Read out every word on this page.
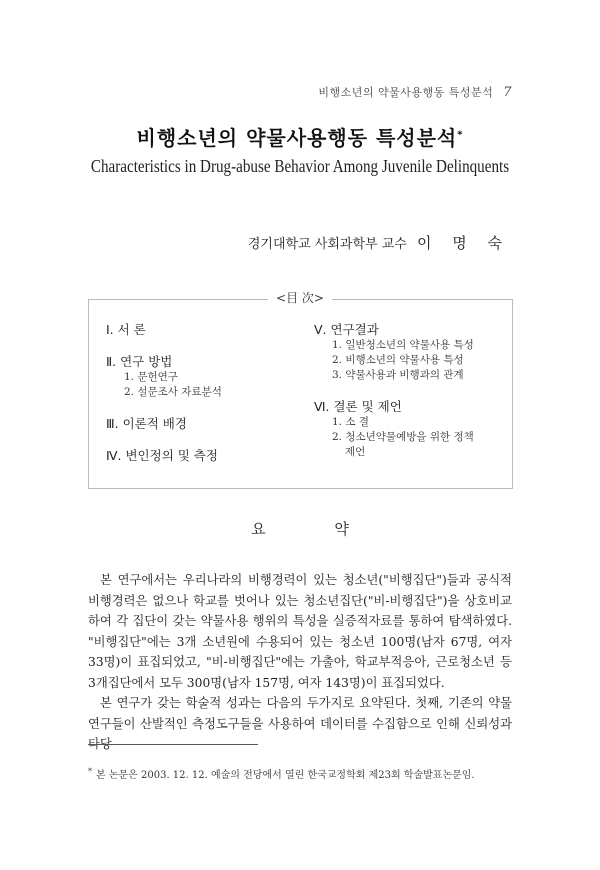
비행소년의 약물사용행동 특성분석 7
비행소년의 약물사용행동 특성분석*
Characteristics in Drug-abuse Behavior Among Juvenile Delinquents
경기대학교 사회과학부 교수 이 명 숙
<目 次>
Ⅰ. 서 론
Ⅱ. 연구 방법
1. 문헌연구
2. 설문조사 자료분석
Ⅲ. 이론적 배경
Ⅳ. 변인정의 및 측정
Ⅴ. 연구결과
1. 일반청소년의 약물사용 특성
2. 비행소년의 약물사용 특성
3. 약물사용과 비행과의 관계
Ⅵ. 결론 및 제언
1. 소 결
2. 청소년약물예방을 위한 정책
제언
요 약

본 연구에서는 우리나라의 비행경력이 있는 청소년("비행집단")들과 공식적 비행경력은 없으나 학교를 벗어나 있는 청소년집단("비-비행집단")을 상호비교하여 각 집단이 갖는 약물사용 행위의 특성을 실증적자료를 통하여 탐색하였다. "비행집단"에는 3개 소년원에 수용되어 있는 청소년 100명(남자 67명, 여자 33명)이 표집되었고, "비-비행집단"에는 가출아, 학교부적응아, 근로청소년 등 3개집단에서 모두 300명(남자 157명, 여자 143명)이 표집되었다.

본 연구가 갖는 학술적 성과는 다음의 두가지로 요약된다. 첫째, 기존의 약물연구들이 산발적인 측정도구들을 사용하여 데이터를 수집함으로 인해 신뢰성과 타당

* 본 논문은 2003. 12. 12. 예술의 전당에서 열린 한국교정학회 제23회 학술발표논문임.
